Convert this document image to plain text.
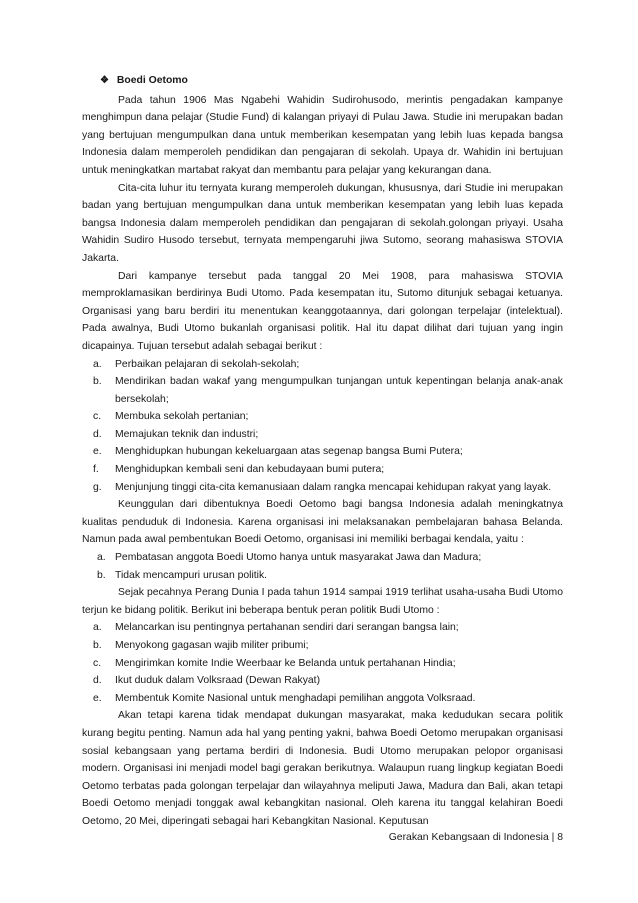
❖ Boedi Oetomo

Pada tahun 1906 Mas Ngabehi Wahidin Sudirohusodo, merintis pengadakan kampanye menghimpun dana pelajar (Studie Fund) di kalangan priyayi di Pulau Jawa. Studie ini merupakan badan yang bertujuan mengumpulkan dana untuk memberikan kesempatan yang lebih luas kepada bangsa Indonesia dalam memperoleh pendidikan dan pengajaran di sekolah. Upaya dr. Wahidin ini bertujuan untuk meningkatkan martabat rakyat dan membantu para pelajar yang kekurangan dana.

Cita-cita luhur itu ternyata kurang memperoleh dukungan, khususnya, dari Studie ini merupakan badan yang bertujuan mengumpulkan dana untuk memberikan kesempatan yang lebih luas kepada bangsa Indonesia dalam memperoleh pendidikan dan pengajaran di sekolah.golongan priyayi. Usaha Wahidin Sudiro Husodo tersebut, ternyata mempengaruhi jiwa Sutomo, seorang mahasiswa STOVIA Jakarta.

Dari kampanye tersebut pada tanggal 20 Mei 1908, para mahasiswa STOVIA memproklamasikan berdirinya Budi Utomo. Pada kesempatan itu, Sutomo ditunjuk sebagai ketuanya. Organisasi yang baru berdiri itu menentukan keanggotaannya, dari golongan terpelajar (intelektual). Pada awalnya, Budi Utomo bukanlah organisasi politik. Hal itu dapat dilihat dari tujuan yang ingin dicapainya. Tujuan tersebut adalah sebagai berikut :

a. Perbaikan pelajaran di sekolah-sekolah;
b. Mendirikan badan wakaf yang mengumpulkan tunjangan untuk kepentingan belanja anak-anak bersekolah;
c. Membuka sekolah pertanian;
d. Memajukan teknik dan industri;
e. Menghidupkan hubungan kekeluargaan atas segenap bangsa Bumi Putera;
f. Menghidupkan kembali seni dan kebudayaan bumi putera;
g. Menjunjung tinggi cita-cita kemanusiaan dalam rangka mencapai kehidupan rakyat yang layak.

Keunggulan dari dibentuknya Boedi Oetomo bagi bangsa Indonesia adalah meningkatnya kualitas penduduk di Indonesia. Karena organisasi ini melaksanakan pembelajaran bahasa Belanda. Namun pada awal pembentukan Boedi Oetomo, organisasi ini memiliki berbagai kendala, yaitu :

a. Pembatasan anggota Boedi Utomo hanya untuk masyarakat Jawa dan Madura;
b. Tidak mencampuri urusan politik.

Sejak pecahnya Perang Dunia I pada tahun 1914 sampai 1919 terlihat usaha-usaha Budi Utomo terjun ke bidang politik. Berikut ini beberapa bentuk peran politik Budi Utomo :

a. Melancarkan isu pentingnya pertahanan sendiri dari serangan bangsa lain;
b. Menyokong gagasan wajib militer pribumi;
c. Mengirimkan komite Indie Weerbaar ke Belanda untuk pertahanan Hindia;
d. Ikut duduk dalam Volksraad (Dewan Rakyat)
e. Membentuk Komite Nasional untuk menghadapi pemilihan anggota Volksraad.

Akan tetapi karena tidak mendapat dukungan masyarakat, maka kedudukan secara politik kurang begitu penting. Namun ada hal yang penting yakni, bahwa Boedi Oetomo merupakan organisasi sosial kebangsaan yang pertama berdiri di Indonesia. Budi Utomo merupakan pelopor organisasi modern. Organisasi ini menjadi model bagi gerakan berikutnya. Walaupun ruang lingkup kegiatan Boedi Oetomo terbatas pada golongan terpelajar dan wilayahnya meliputi Jawa, Madura dan Bali, akan tetapi Boedi Oetomo menjadi tonggak awal kebangkitan nasional. Oleh karena itu tanggal kelahiran Boedi Oetomo, 20 Mei, diperingati sebagai hari Kebangkitan Nasional. Keputusan

Gerakan Kebangsaan di Indonesia | 8
